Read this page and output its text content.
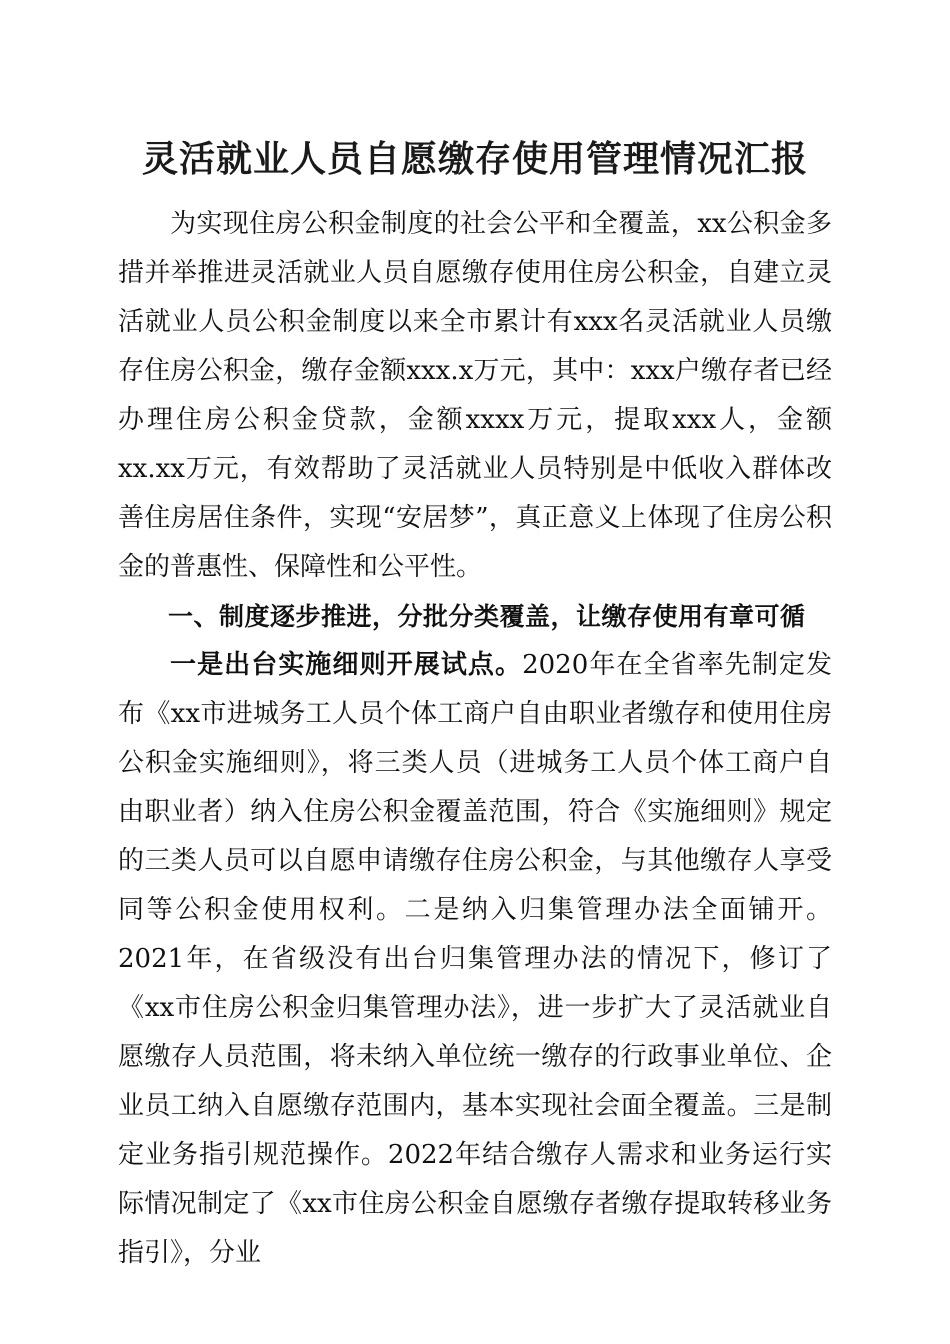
灵活就业人员自愿缴存使用管理情况汇报

为实现住房公积金制度的社会公平和全覆盖，xx公积金多措并举推进灵活就业人员自愿缴存使用住房公积金，自建立灵活就业人员公积金制度以来全市累计有xxx名灵活就业人员缴存住房公积金，缴存金额xxx.x万元，其中：xxx户缴存者已经办理住房公积金贷款，金额xxxx万元，提取xxx人，金额xx.xx万元，有效帮助了灵活就业人员特别是中低收入群体改善住房居住条件，实现“安居梦”，真正意义上体现了住房公积金的普惠性、保障性和公平性。

一、制度逐步推进，分批分类覆盖，让缴存使用有章可循

一是出台实施细则开展试点。2020年在全省率先制定发布《xx市进城务工人员个体工商户自由职业者缴存和使用住房公积金实施细则》，将三类人员（进城务工人员个体工商户自由职业者）纳入住房公积金覆盖范围，符合《实施细则》规定的三类人员可以自愿申请缴存住房公积金，与其他缴存人享受同等公积金使用权利。二是纳入归集管理办法全面铺开。2021年，在省级没有出台归集管理办法的情况下，修订了《xx市住房公积金归集管理办法》，进一步扩大了灵活就业自愿缴存人员范围，将未纳入单位统一缴存的行政事业单位、企业员工纳入自愿缴存范围内，基本实现社会面全覆盖。三是制定业务指引规范操作。2022年结合缴存人需求和业务运行实际情况制定了《xx市住房公积金自愿缴存者缴存提取转移业务指引》，分业
